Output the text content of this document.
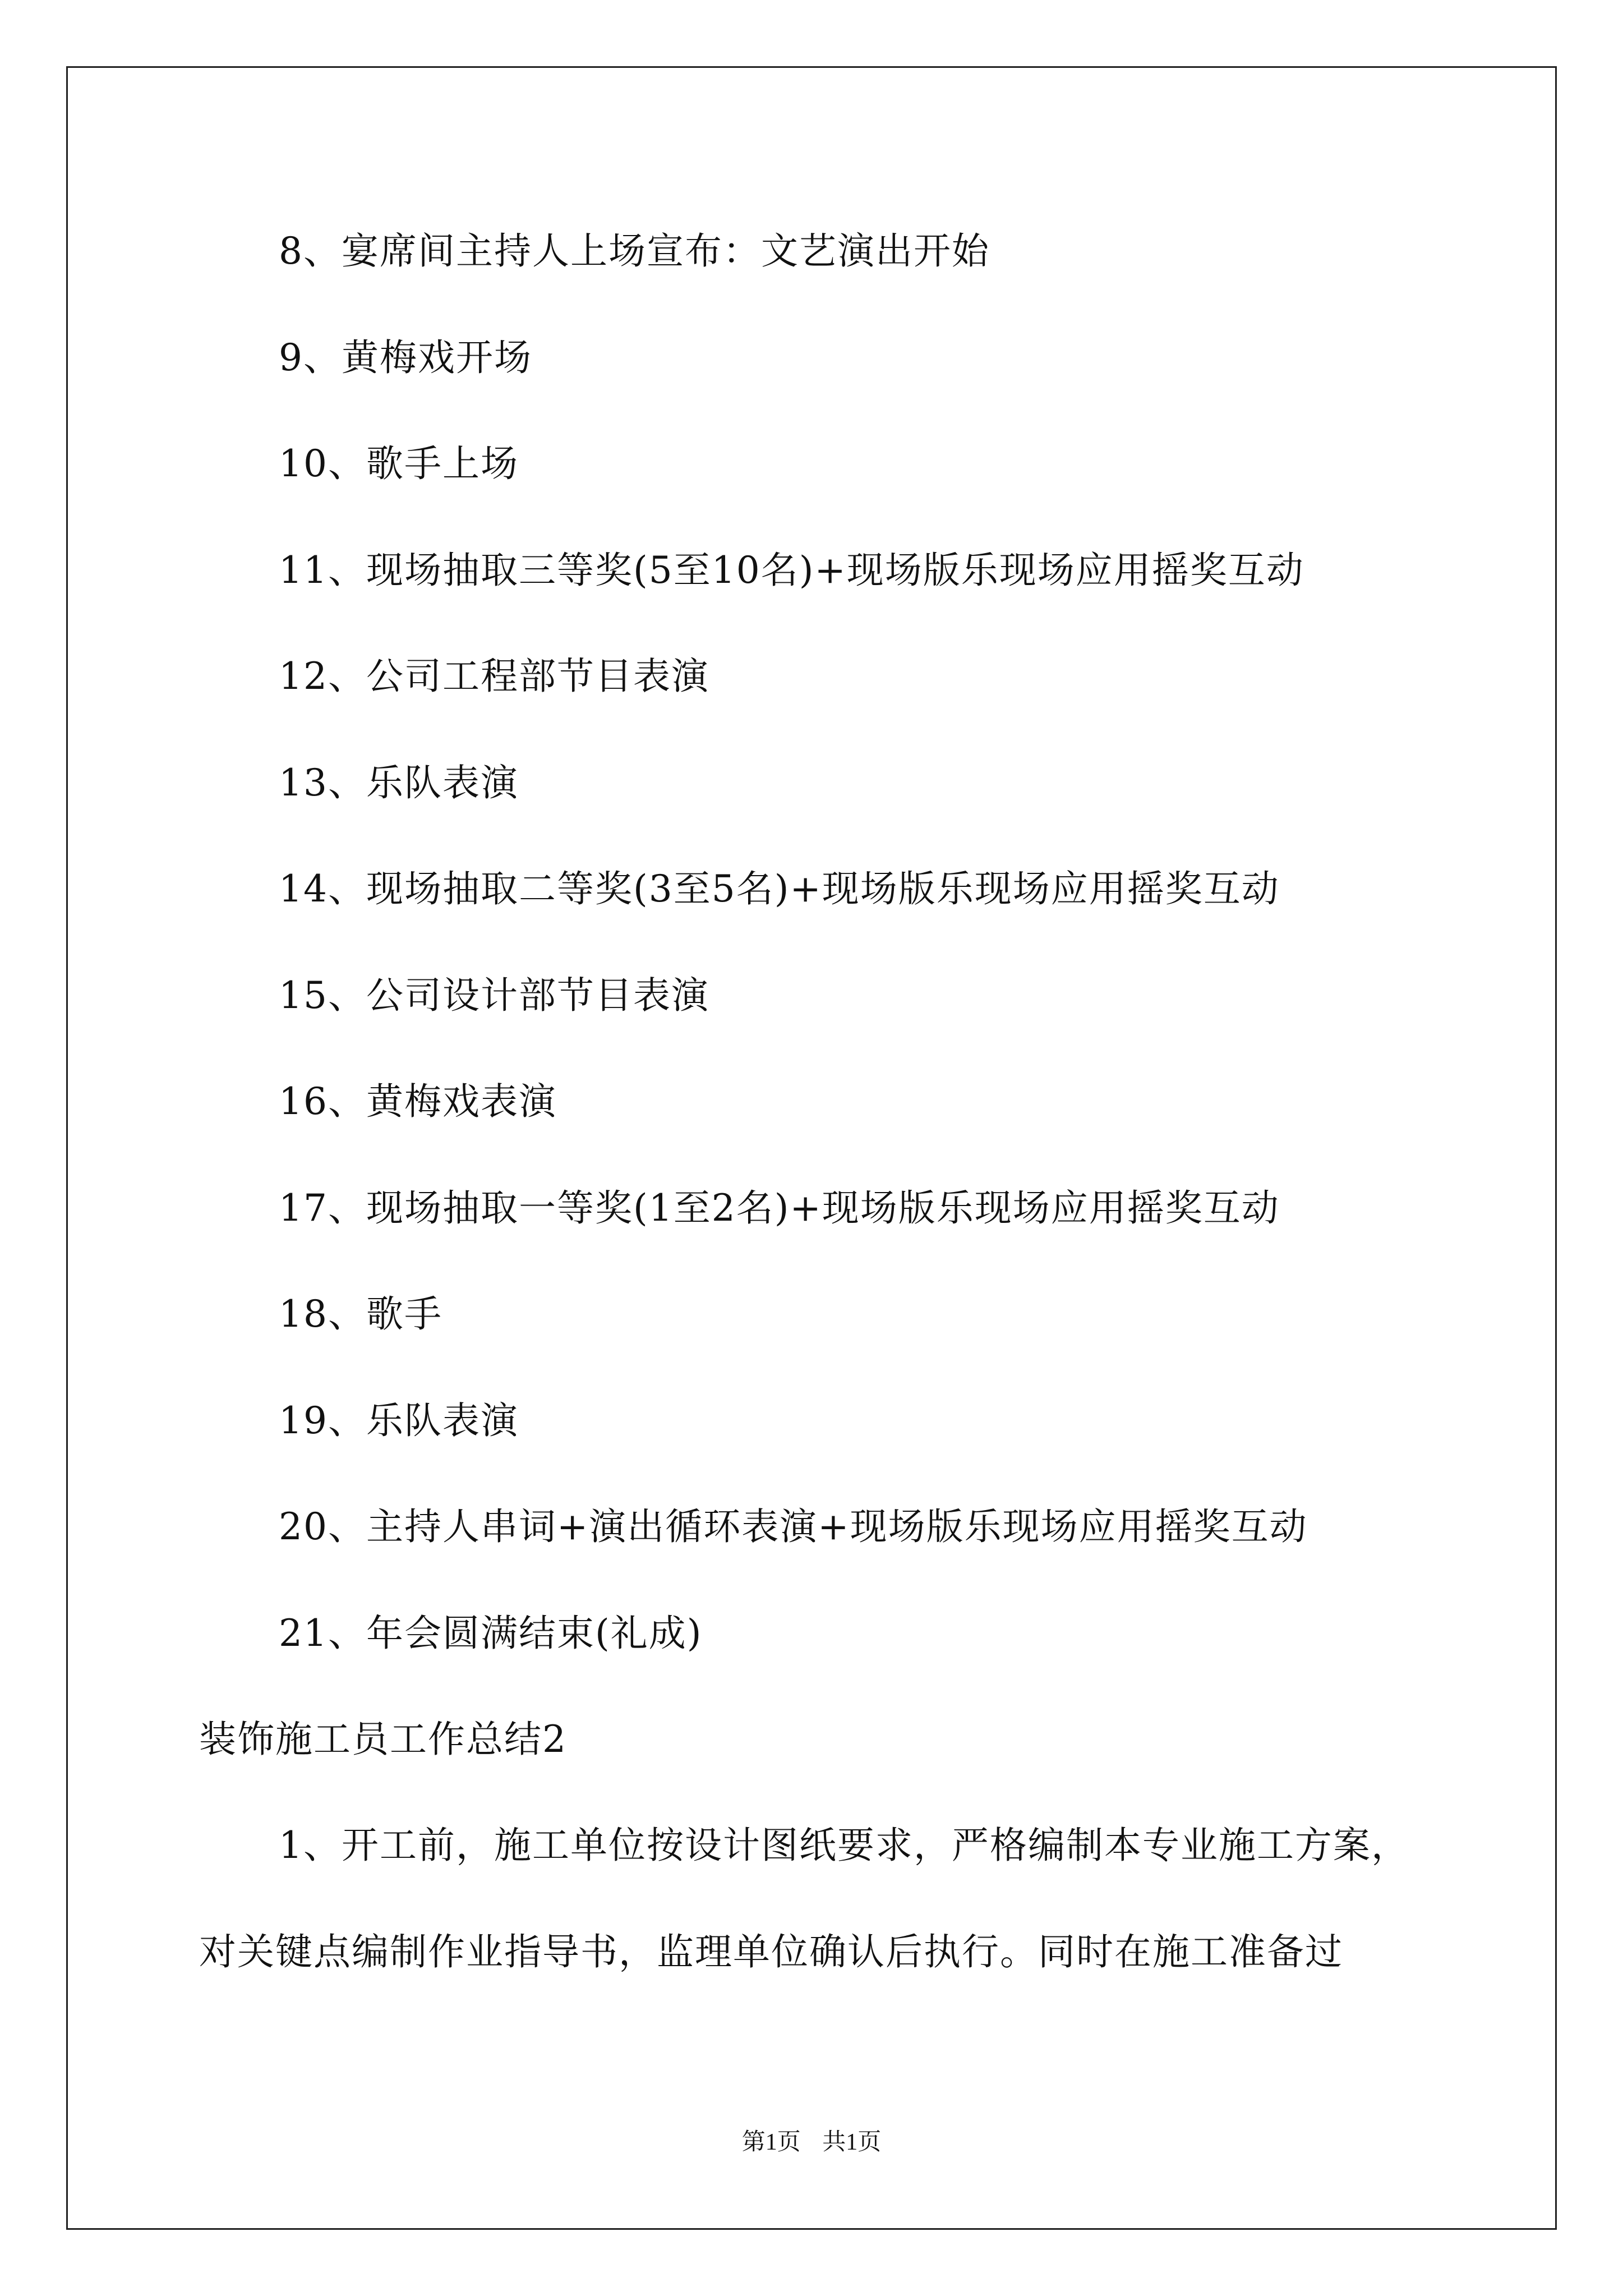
8、宴席间主持人上场宣布：文艺演出开始
9、黄梅戏开场
10、歌手上场
11、现场抽取三等奖(5至10名)+现场版乐现场应用摇奖互动
12、公司工程部节目表演
13、乐队表演
14、现场抽取二等奖(3至5名)+现场版乐现场应用摇奖互动
15、公司设计部节目表演
16、黄梅戏表演
17、现场抽取一等奖(1至2名)+现场版乐现场应用摇奖互动
18、歌手
19、乐队表演
20、主持人串词+演出循环表演+现场版乐现场应用摇奖互动
21、年会圆满结束(礼成)
装饰施工员工作总结2
1、开工前，施工单位按设计图纸要求，严格编制本专业施工方案，
对关键点编制作业指导书，监理单位确认后执行。同时在施工准备过
第1页 共1页
